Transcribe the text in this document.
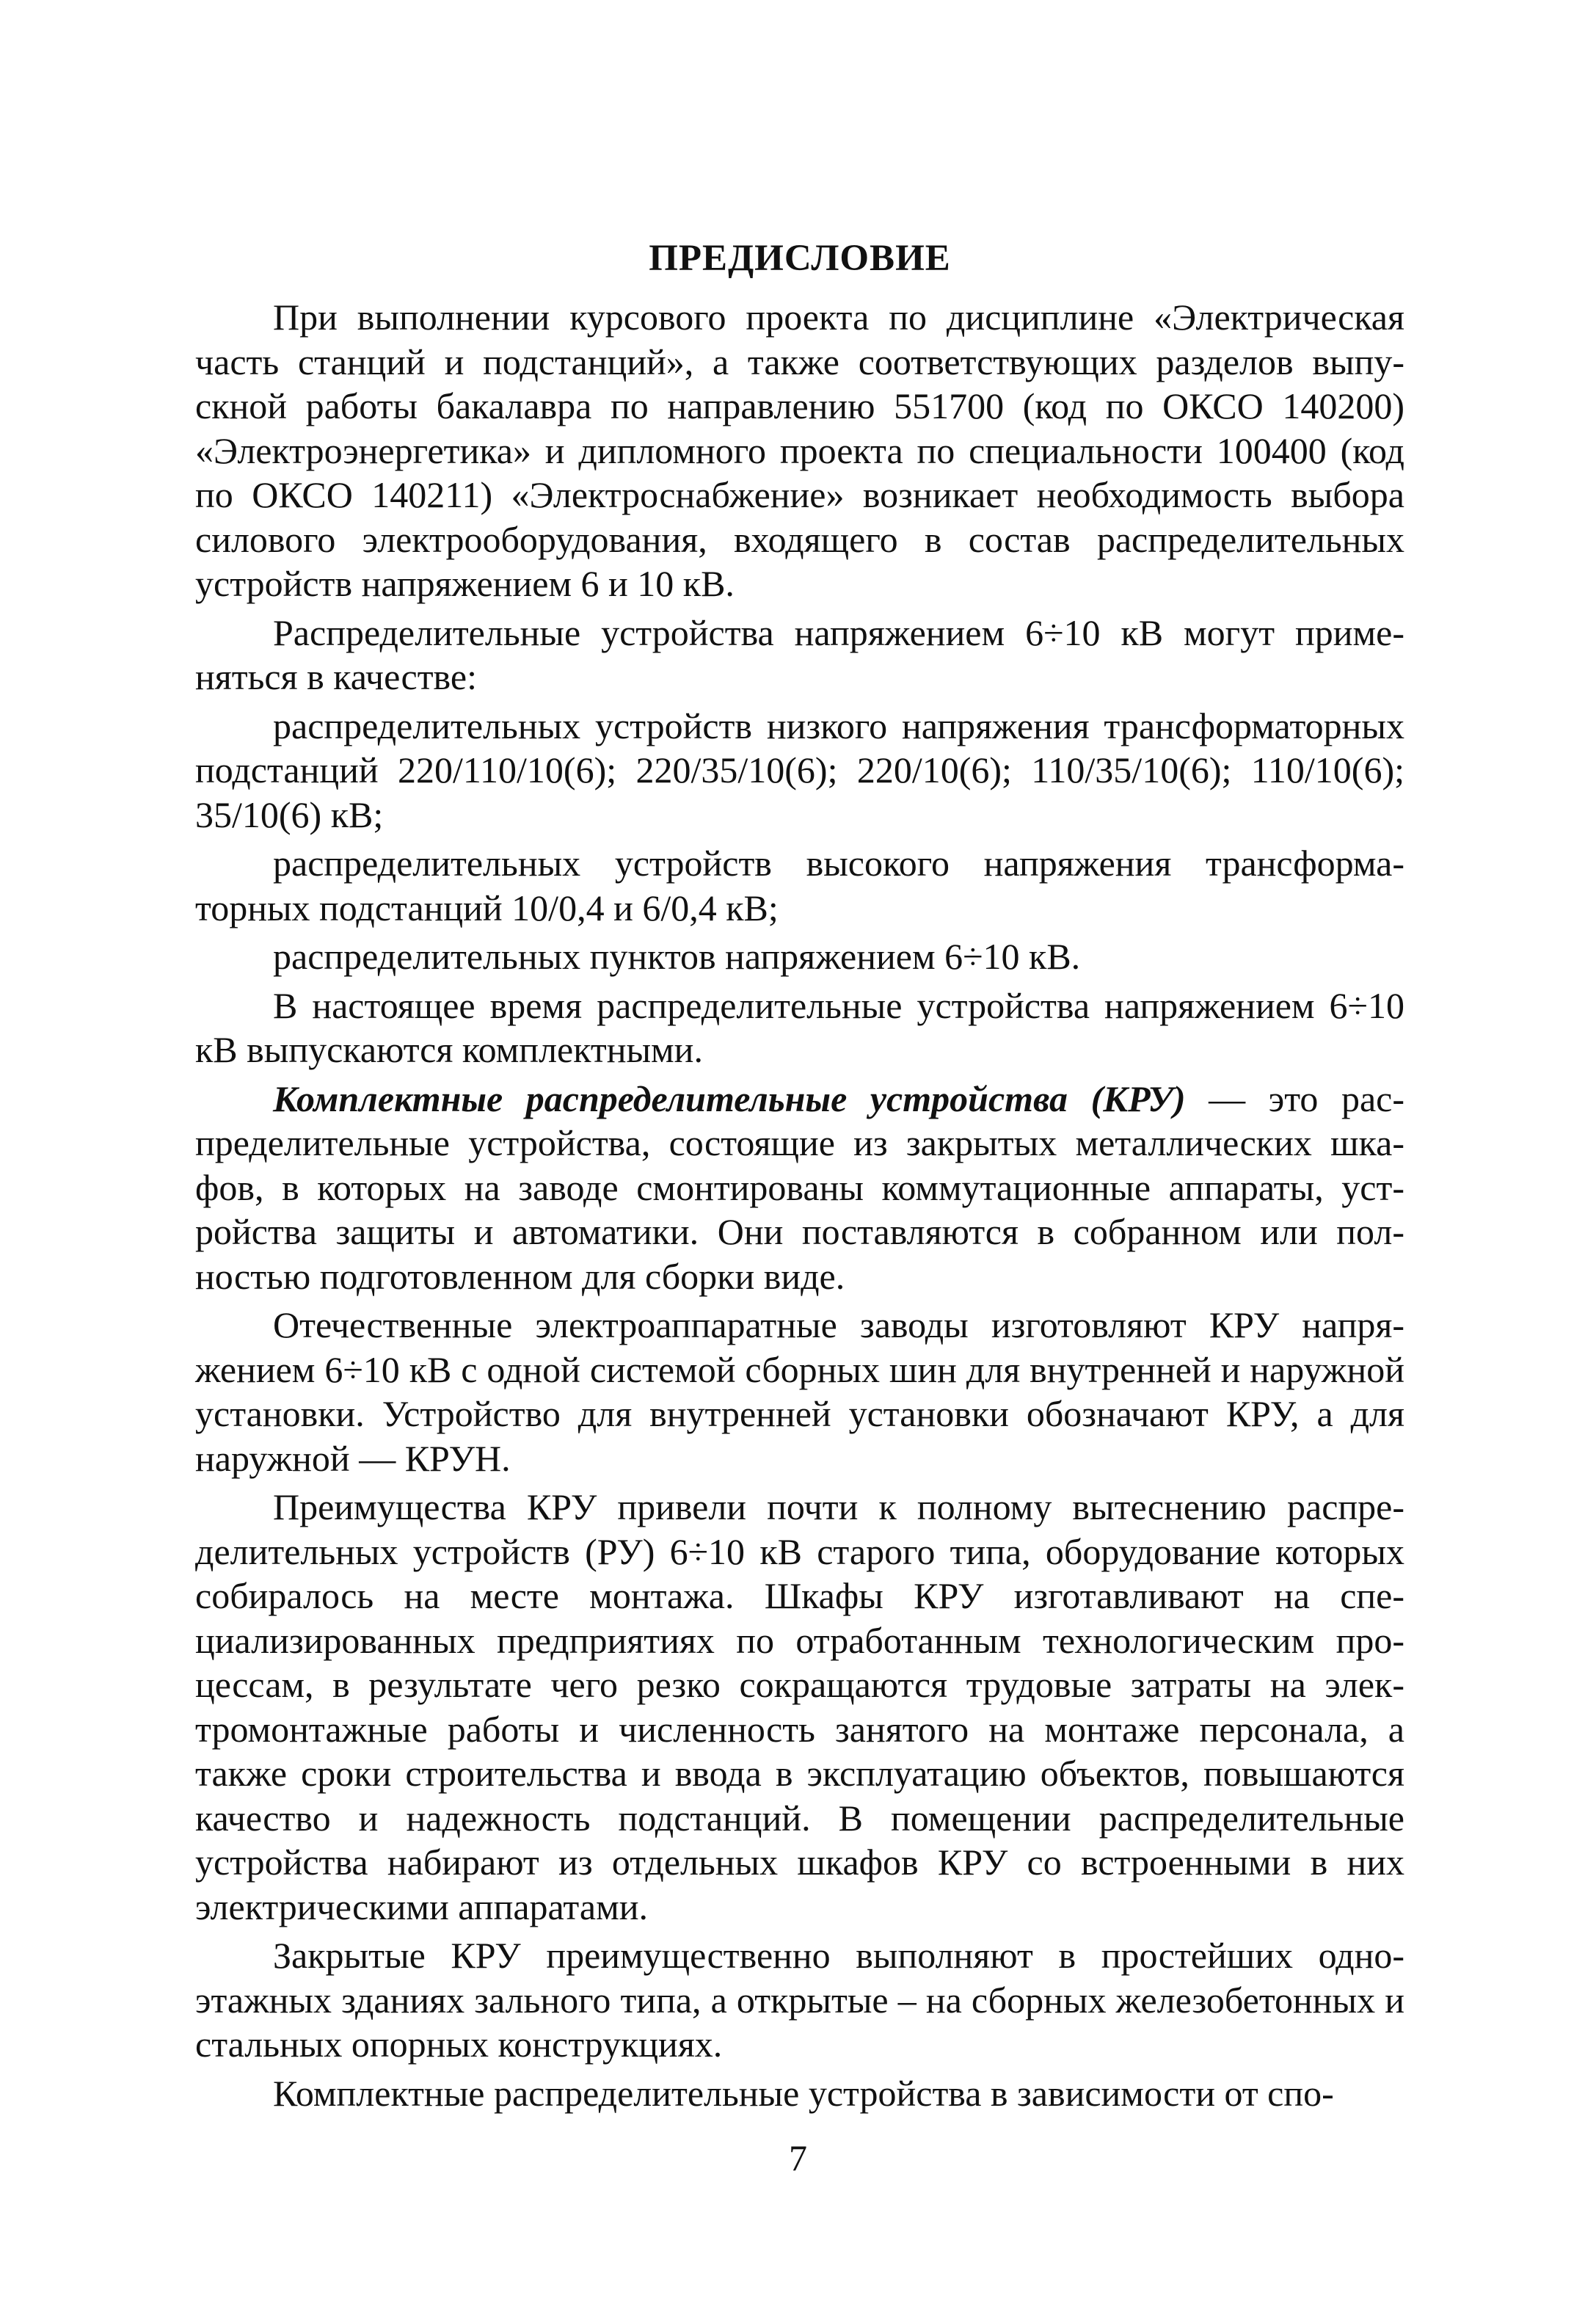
ПРЕДИСЛОВИЕ

При выполнении курсового проекта по дисциплине «Электрическая часть станций и подстанций», а также соответствующих разделов выпускной работы бакалавра по направлению 551700 (код по ОКСО 140200) «Электроэнергетика» и дипломного проекта по специальности 100400 (код по ОКСО 140211) «Электроснабжение» возникает необходимость выбора силового электрооборудования, входящего в состав распределительных устройств напряжением 6 и 10 кВ.

Распределительные устройства напряжением 6÷10 кВ могут применяться в качестве:

распределительных устройств низкого напряжения трансформаторных подстанций 220/110/10(6); 220/35/10(6); 220/10(6); 110/35/10(6); 110/10(6); 35/10(6) кВ;

распределительных устройств высокого напряжения трансформаторных подстанций 10/0,4 и 6/0,4 кВ;

распределительных пунктов напряжением 6÷10 кВ.

В настоящее время распределительные устройства напряжением 6÷10 кВ выпускаются комплектными.

Комплектные распределительные устройства (КРУ) — это распределительные устройства, состоящие из закрытых металлических шкафов, в которых на заводе смонтированы коммутационные аппараты, устройства защиты и автоматики. Они поставляются в собранном или полностью подготовленном для сборки виде.

Отечественные электроаппаратные заводы изготовляют КРУ напряжением 6÷10 кВ с одной системой сборных шин для внутренней и наружной установки. Устройство для внутренней установки обозначают КРУ, а для наружной — КРУН.

Преимущества КРУ привели почти к полному вытеснению распределительных устройств (РУ) 6÷10 кВ старого типа, оборудование которых собиралось на месте монтажа. Шкафы КРУ изготавливают на специализированных предприятиях по отработанным технологическим процессам, в результате чего резко сокращаются трудовые затраты на электромонтажные работы и численность занятого на монтаже персонала, а также сроки строительства и ввода в эксплуатацию объектов, повышаются качество и надежность подстанций. В помещении распределительные устройства набирают из отдельных шкафов КРУ со встроенными в них электрическими аппаратами.

Закрытые КРУ преимущественно выполняют в простейших одноэтажных зданиях зального типа, а открытые – на сборных железобетонных и стальных опорных конструкциях.

Комплектные распределительные устройства в зависимости от спо-

7
